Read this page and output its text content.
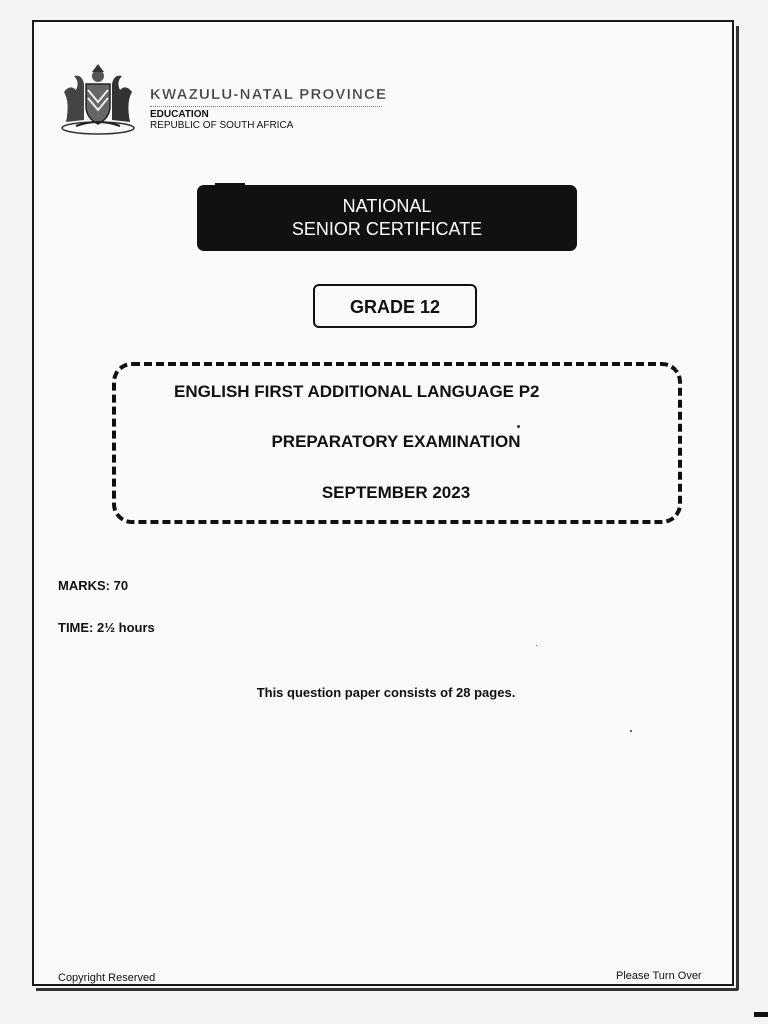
KWAZULU-NATAL PROVINCE
EDUCATION
REPUBLIC OF SOUTH AFRICA
NATIONAL
SENIOR CERTIFICATE
GRADE 12
ENGLISH FIRST ADDITIONAL LANGUAGE P2
PREPARATORY EXAMINATION
SEPTEMBER 2023
MARKS: 70
TIME: 2½ hours
This question paper consists of 28 pages.
Copyright Reserved	Please Turn Over
